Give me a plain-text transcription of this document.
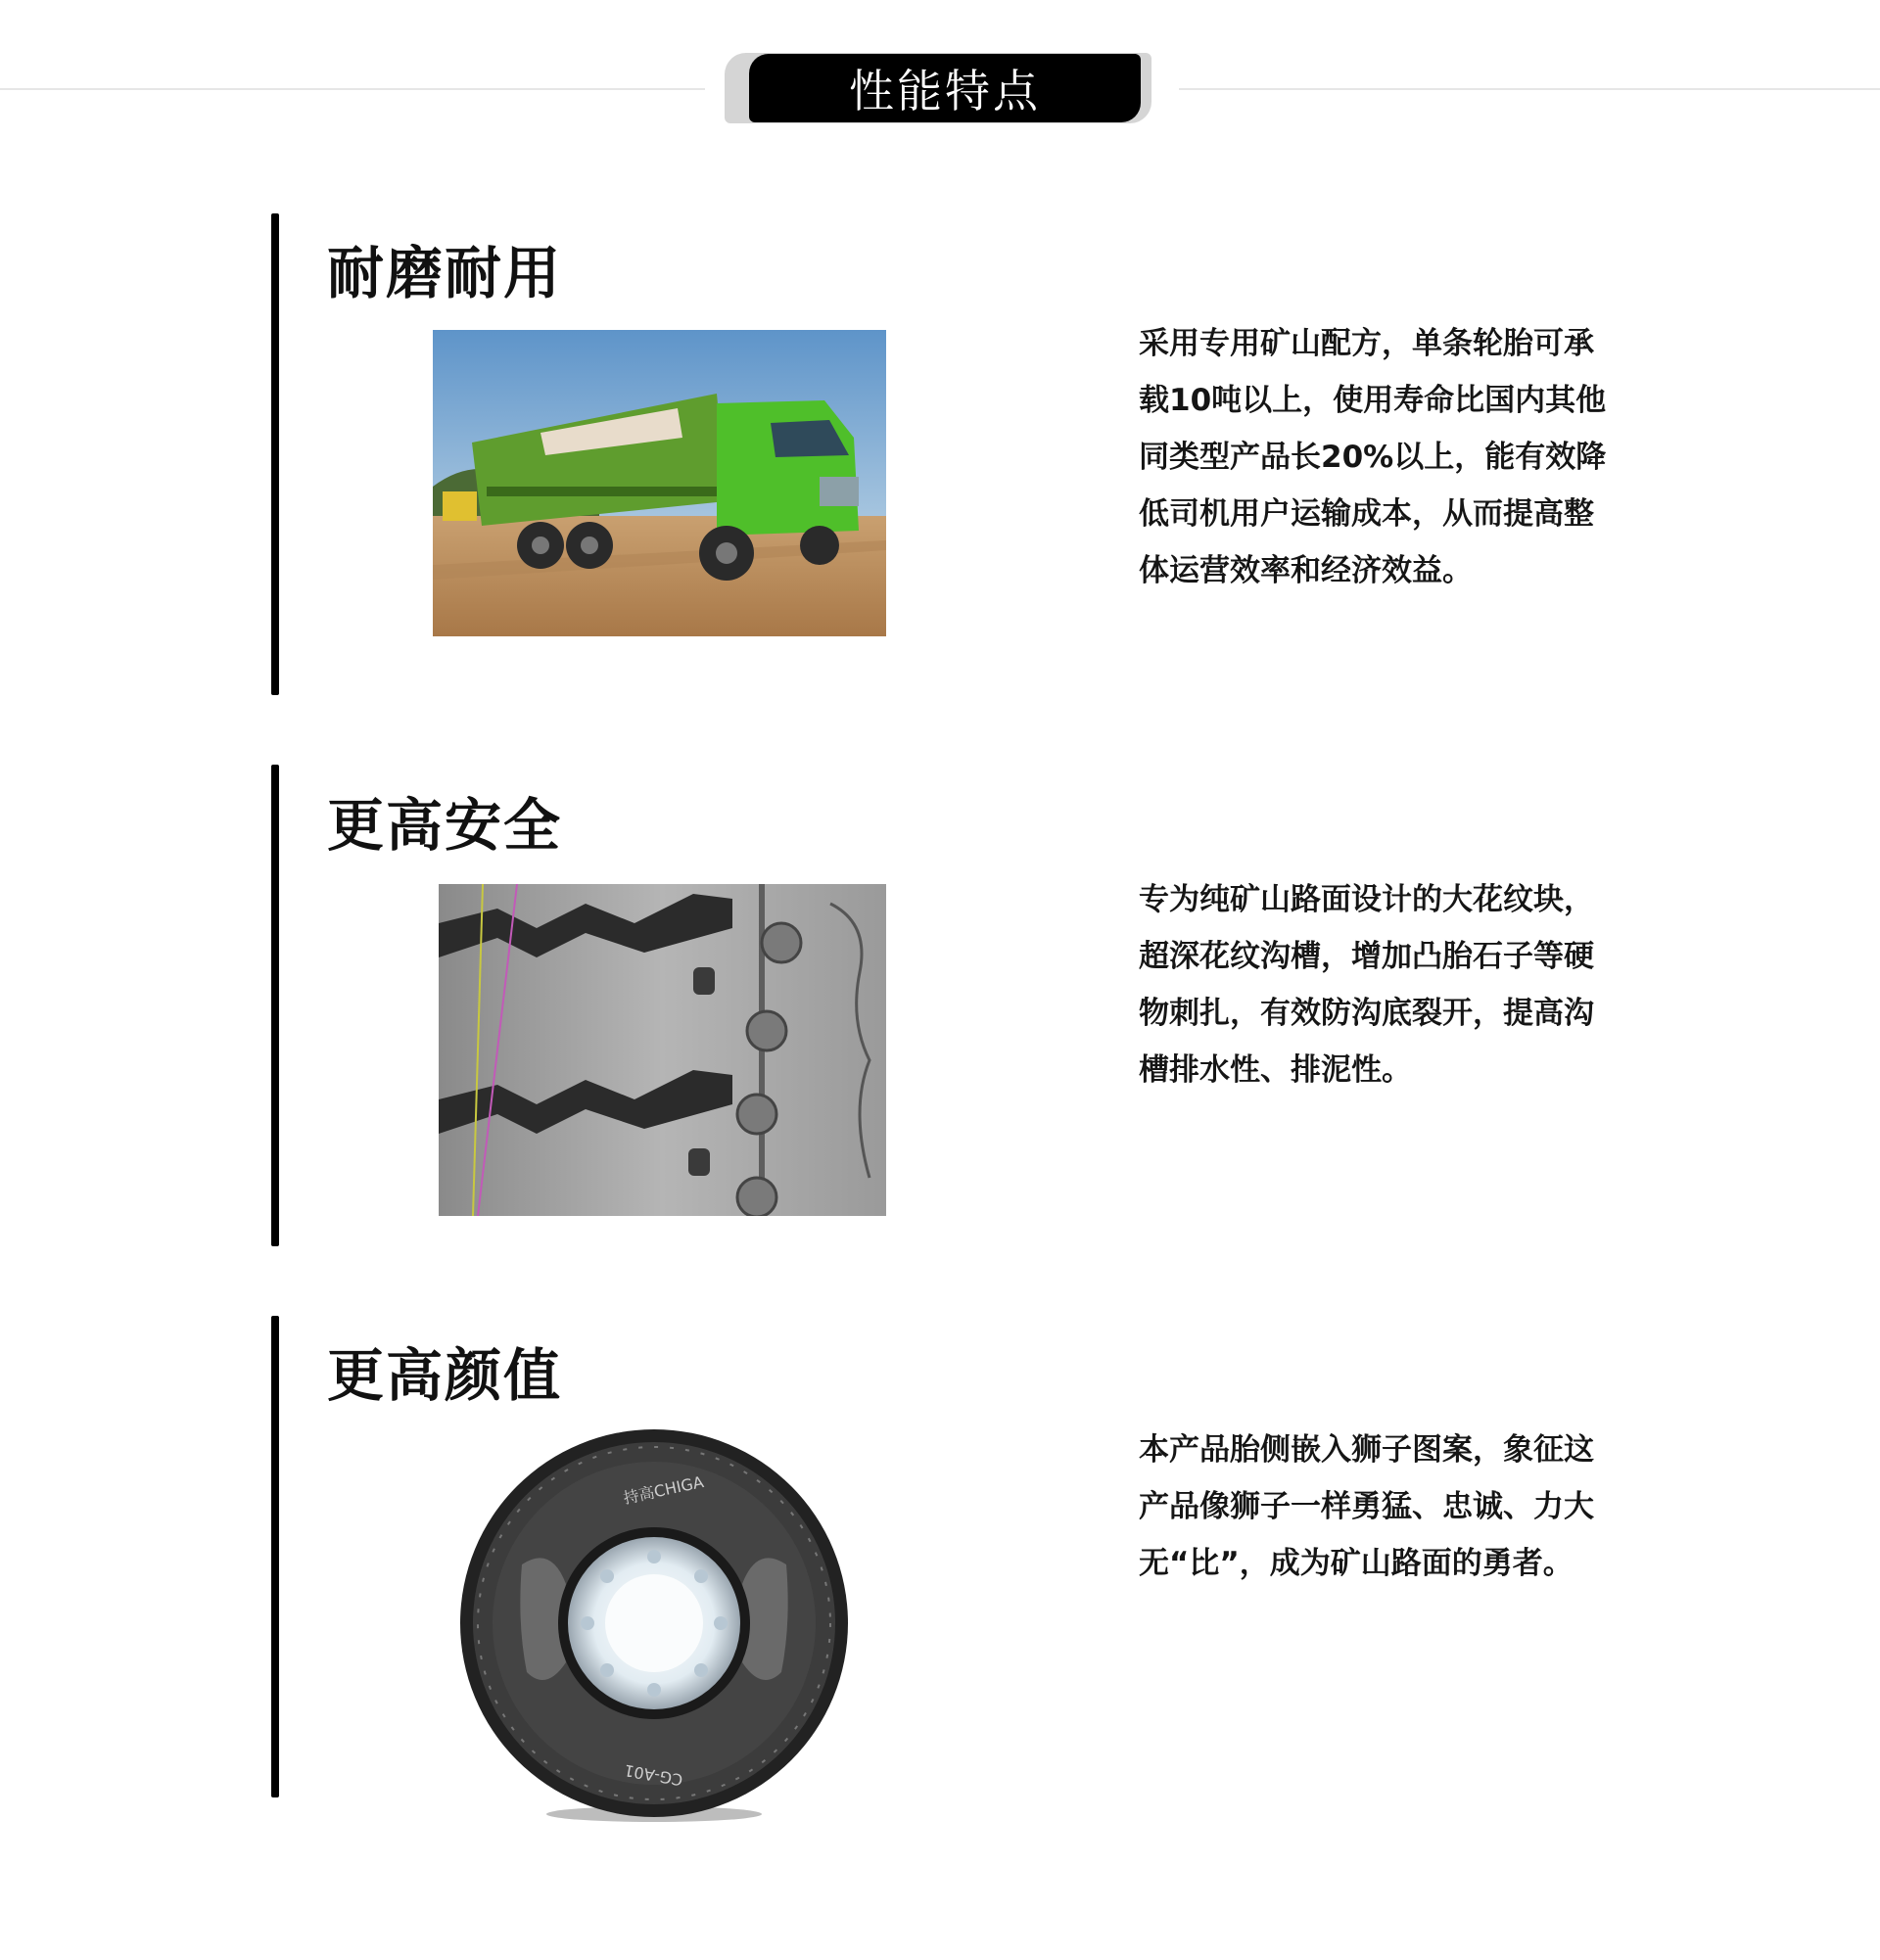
性能特点
耐磨耐用
采用专用矿山配方，单条轮胎可承载10吨以上，使用寿命比国内其他同类型产品长20%以上，能有效降低司机用户运输成本，从而提高整体运营效率和经济效益。
更高安全
专为纯矿山路面设计的大花纹块，超深花纹沟槽，增加凸胎石子等硬物刺扎，有效防沟底裂开，提高沟槽排水性、排泥性。
更高颜值
持高CHIGA
CG-A01
本产品胎侧嵌入狮子图案，象征这产品像狮子一样勇猛、忠诚、力大无“比”，成为矿山路面的勇者。
